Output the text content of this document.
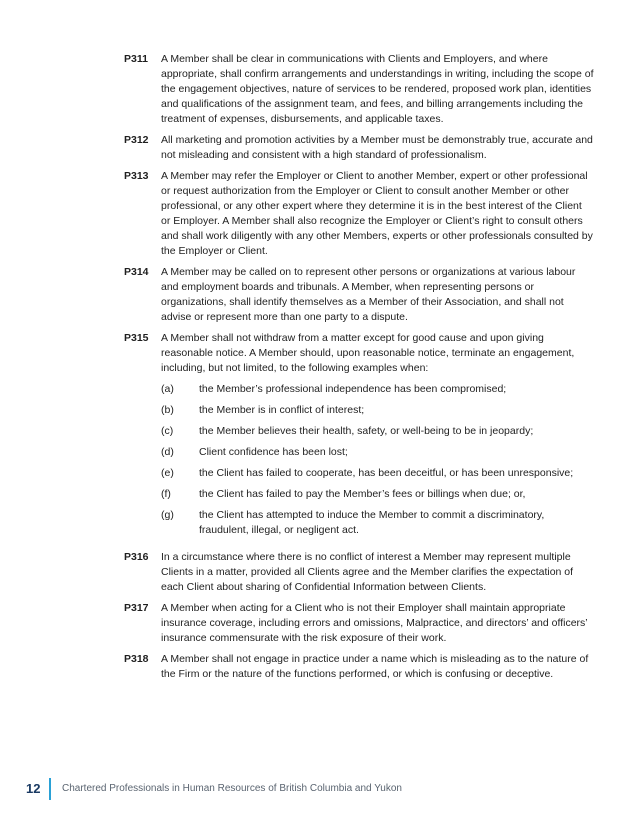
P311	A Member shall be clear in communications with Clients and Employers, and where appropriate, shall confirm arrangements and understandings in writing, including the scope of the engagement objectives, nature of services to be rendered, proposed work plan, identities and qualifications of the assignment team, and fees, and billing arrangements including the treatment of expenses, disbursements, and applicable taxes.
P312	All marketing and promotion activities by a Member must be demonstrably true, accurate and not misleading and consistent with a high standard of professionalism.
P313	A Member may refer the Employer or Client to another Member, expert or other professional or request authorization from the Employer or Client to consult another Member or other professional, or any other expert where they determine it is in the best interest of the Client or Employer. A Member shall also recognize the Employer or Client’s right to consult others and shall work diligently with any other Members, experts or other professionals consulted by the Employer or Client.
P314	A Member may be called on to represent other persons or organizations at various labour and employment boards and tribunals. A Member, when representing persons or organizations, shall identify themselves as a Member of their Association, and shall not advise or represent more than one party to a dispute.
P315	A Member shall not withdraw from a matter except for good cause and upon giving reasonable notice. A Member should, upon reasonable notice, terminate an engagement, including, but not limited, to the following examples when:
(a)	the Member’s professional independence has been compromised;
(b)	the Member is in conflict of interest;
(c)	the Member believes their health, safety, or well-being to be in jeopardy;
(d)	Client confidence has been lost;
(e)	the Client has failed to cooperate, has been deceitful, or has been unresponsive;
(f)	the Client has failed to pay the Member’s fees or billings when due; or,
(g)	the Client has attempted to induce the Member to commit a discriminatory, fraudulent, illegal, or negligent act.
P316	In a circumstance where there is no conflict of interest a Member may represent multiple Clients in a matter, provided all Clients agree and the Member clarifies the expectation of each Client about sharing of Confidential Information between Clients.
P317	A Member when acting for a Client who is not their Employer shall maintain appropriate insurance coverage, including errors and omissions, Malpractice, and directors’ and officers’ insurance commensurate with the risk exposure of their work.
P318	A Member shall not engage in practice under a name which is misleading as to the nature of the Firm or the nature of the functions performed, or which is confusing or deceptive.
12 Chartered Professionals in Human Resources of British Columbia and Yukon
